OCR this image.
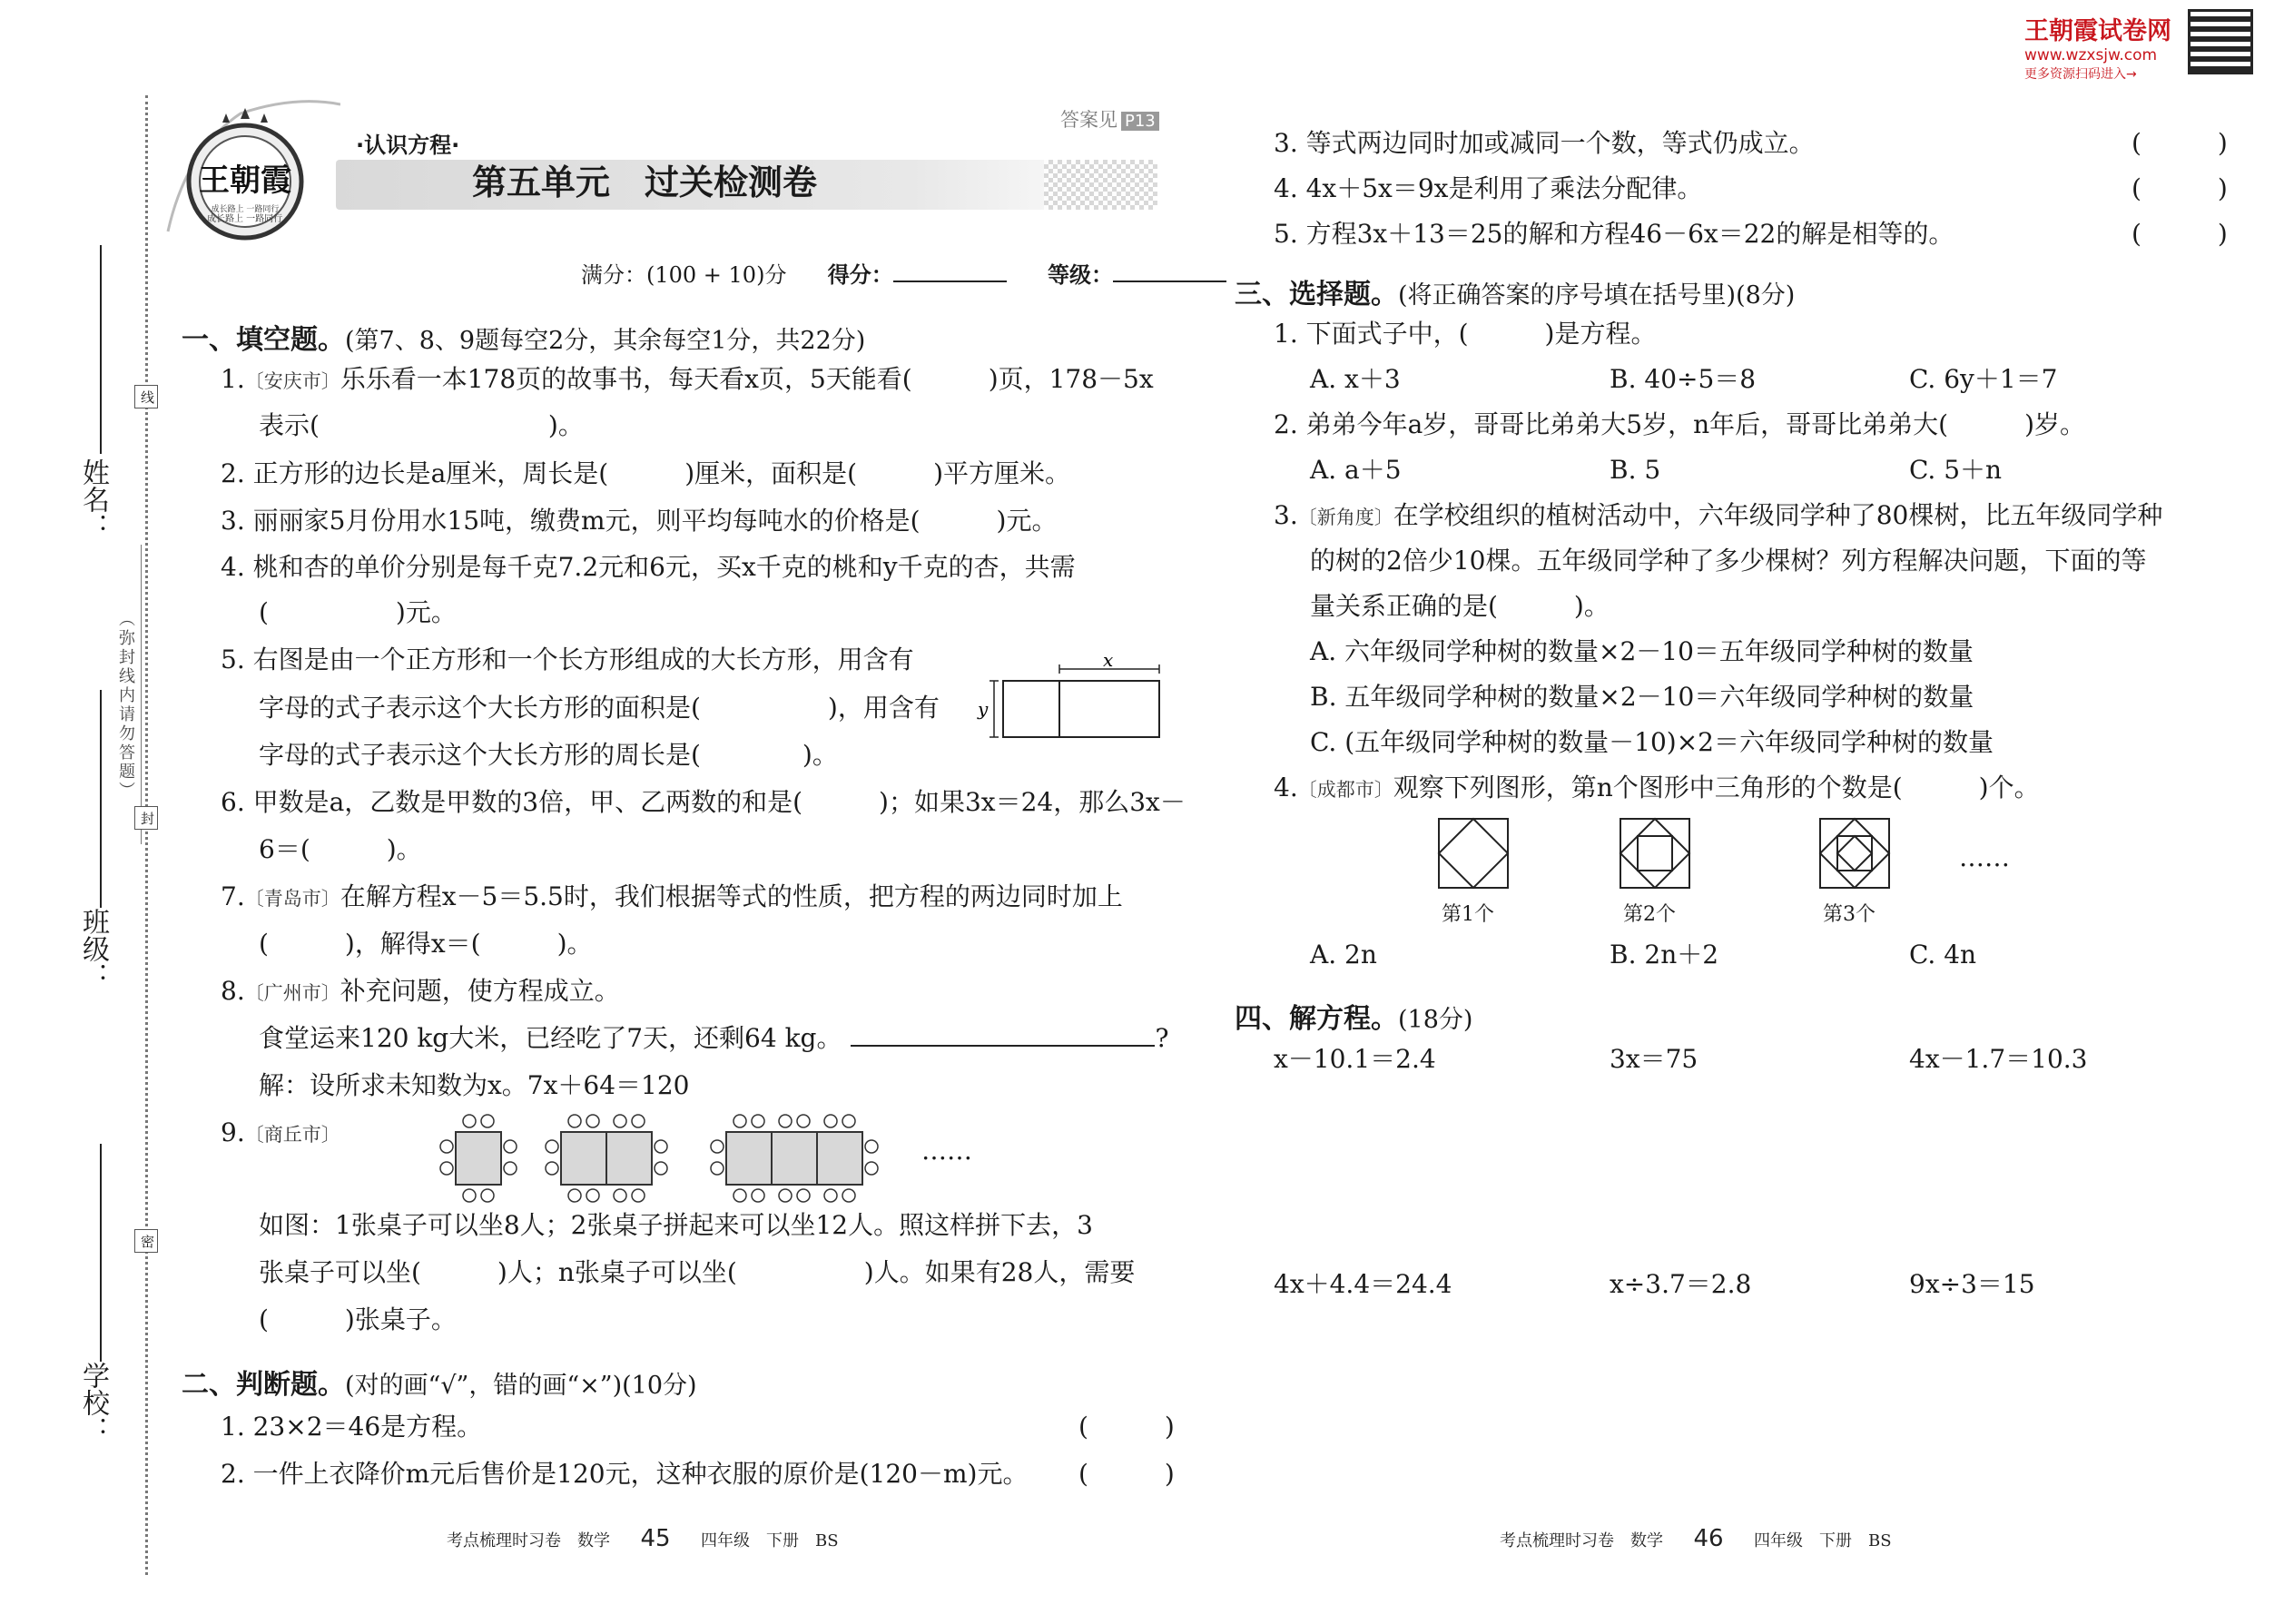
王朝霞试卷网
www.wzxsjw.com
更多资源扫码进入→
线
封
密
（弥封线内请勿答题）
姓名：
班级：
学校：
王朝霞
成长路上 一路同行
成长路上 一路同行
·认识方程·
第五单元　过关检测卷
答案见 P13
满分：(100 + 10)分 得分：	等级：
一、填空题。(第7、8、9题每空2分，其余每空1分，共22分)
1.〔安庆市〕乐乐看一本178页的故事书，每天看x页，5天能看(　　　)页，178－5x
表示(　　　　　　　　　)。
2. 正方形的边长是a厘米，周长是(　　　)厘米，面积是(　　　)平方厘米。
3. 丽丽家5月份用水15吨，缴费m元，则平均每吨水的价格是(　　　)元。
4. 桃和杏的单价分别是每千克7.2元和6元，买x千克的桃和y千克的杏，共需
(　　　　　)元。
5. 右图是由一个正方形和一个长方形组成的大长方形，用含有
字母的式子表示这个大长方形的面积是(　　　　　)，用含有
字母的式子表示这个大长方形的周长是(　　　　)。
x
y
6. 甲数是a，乙数是甲数的3倍，甲、乙两数的和是(　　　)；如果3x＝24，那么3x－
6＝(　　　)。
7.〔青岛市〕在解方程x－5＝5.5时，我们根据等式的性质，把方程的两边同时加上
(　　　)，解得x＝(　　　)。
8.〔广州市〕补充问题，使方程成立。
食堂运来120 kg大米，已经吃了7天，还剩64 kg。	?
解：设所求未知数为x。7x＋64＝120
9.〔商丘市〕
……
如图：1张桌子可以坐8人；2张桌子拼起来可以坐12人。照这样拼下去，3
张桌子可以坐(　　　)人；n张桌子可以坐(　　　　　)人。如果有28人，需要
(　　　)张桌子。
二、判断题。(对的画“√”，错的画“×”)(10分)
1. 23×2＝46是方程。	(　　　)
2. 一件上衣降价m元后售价是120元，这种衣服的原价是(120－m)元。 (　　　)
3. 等式两边同时加或减同一个数，等式仍成立。	(　　　)
4. 4x＋5x＝9x是利用了乘法分配律。	(　　　)
5. 方程3x＋13＝25的解和方程46－6x＝22的解是相等的。	(　　　)
三、选择题。(将正确答案的序号填在括号里)(8分)
1. 下面式子中，(　　　)是方程。
A. x＋3	B. 40÷5＝8	C. 6y＋1＝7
2. 弟弟今年a岁，哥哥比弟弟大5岁，n年后，哥哥比弟弟大(　　　)岁。
A. a＋5	B. 5	C. 5＋n
3.〔新角度〕在学校组织的植树活动中，六年级同学种了80棵树，比五年级同学种
的树的2倍少10棵。五年级同学种了多少棵树？列方程解决问题，下面的等
量关系正确的是(　　　)。
A. 六年级同学种树的数量×2－10＝五年级同学种树的数量
B. 五年级同学种树的数量×2－10＝六年级同学种树的数量
C. (五年级同学种树的数量－10)×2＝六年级同学种树的数量
4.〔成都市〕观察下列图形，第n个图形中三角形的个数是(　　　)个。
……
第1个	第2个	第3个
A. 2n	B. 2n＋2	C. 4n
四、解方程。(18分)
x－10.1＝2.4	3x＝75	4x－1.7＝10.3
4x＋4.4＝24.4	x÷3.7＝2.8	9x÷3＝15
考点梳理时习卷　数学 45 四年级　下册　BS	考点梳理时习卷　数学 46 四年级　下册　BS
